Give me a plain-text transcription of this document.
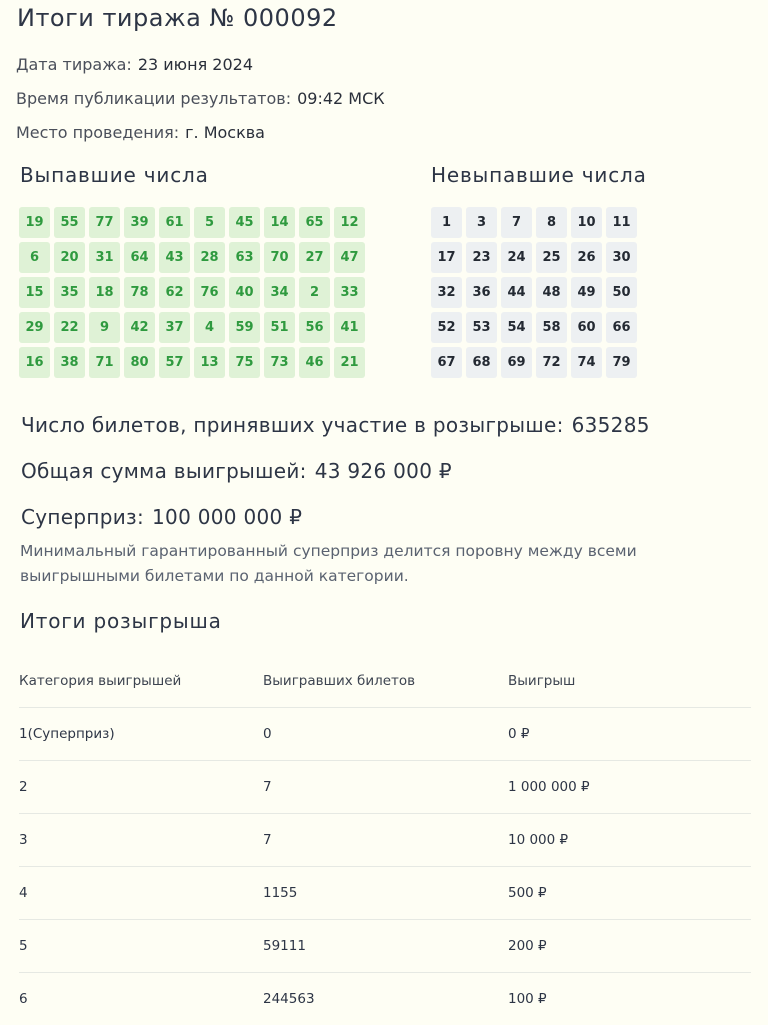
Итоги тиража № 000092
Дата тиража: 23 июня 2024
Время публикации результатов: 09:42 МСК
Место проведения: г. Москва
Выпавшие числа	Невыпавшие числа
19	55	77	39	61	5	45	14	65	12
6	20	31	64	43	28	63	70	27	47
15	35	18	78	62	76	40	34	2	33
29	22	9	42	37	4	59	51	56	41
16	38	71	80	57	13	75	73	46	21
1	3	7	8	10	11
17	23	24	25	26	30
32	36	44	48	49	50
52	53	54	58	60	66
67	68	69	72	74	79
Число билетов, принявших участие в розыгрыше: 635285
Общая сумма выигрышей: 43 926 000 ₽
Суперприз: 100 000 000 ₽
Минимальный гарантированный суперприз делится поровну между всеми выигрышными билетами по данной категории.
Итоги розыгрыша
Категория выигрышей	Выигравших билетов	Выигрыш
1(Суперприз)	0	0 ₽
2	7	1 000 000 ₽
3	7	10 000 ₽
4	1155	500 ₽
5	59111	200 ₽
6	244563	100 ₽
